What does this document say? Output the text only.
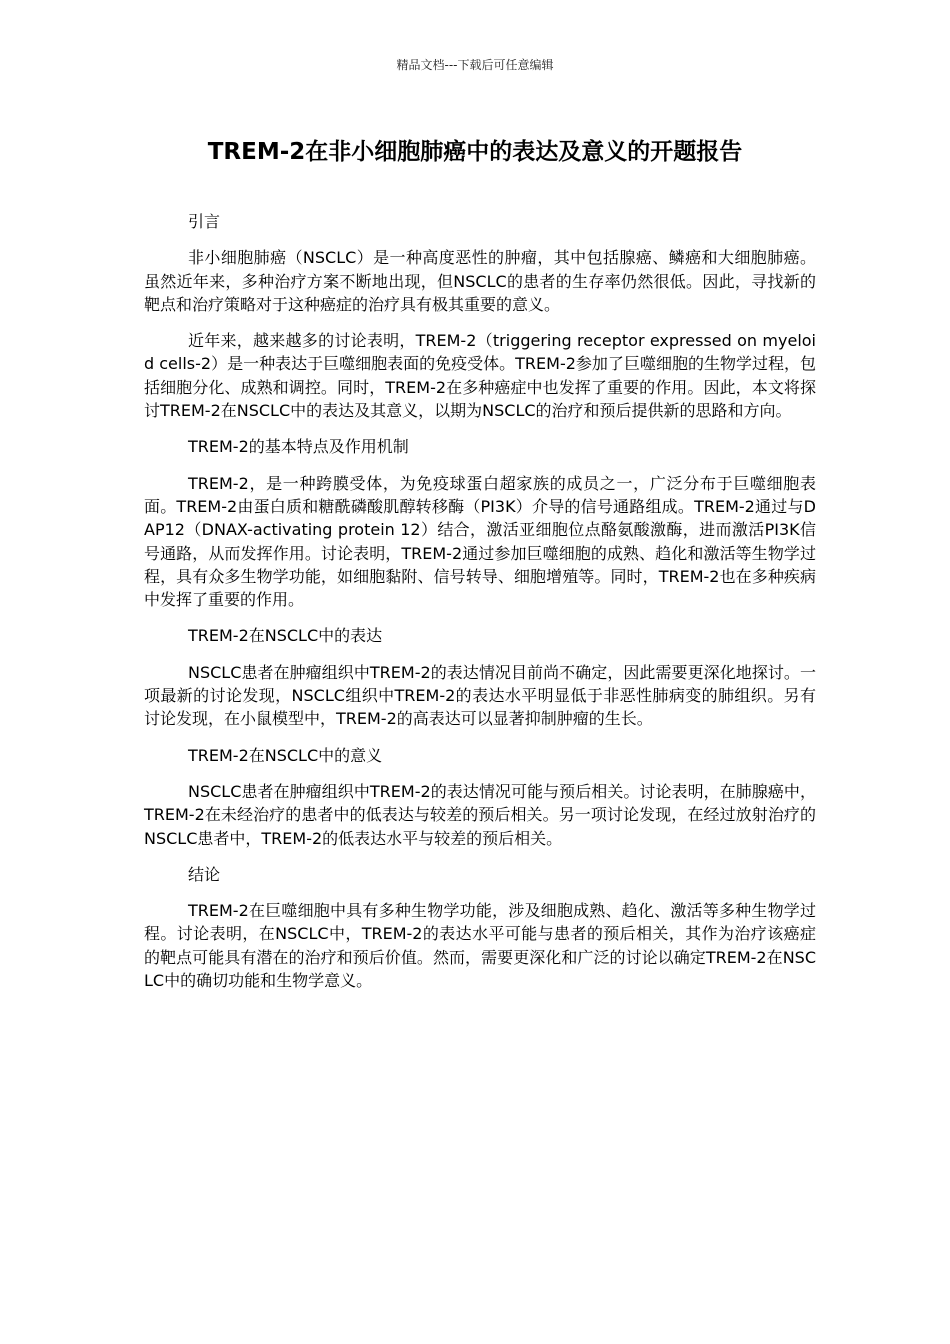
精品文档---下载后可任意编辑
TREM-2在非小细胞肺癌中的表达及意义的开题报告

引言

非小细胞肺癌（NSCLC）是一种高度恶性的肿瘤，其中包括腺癌、鳞癌和大细胞肺癌。虽然近年来，多种治疗方案不断地出现，但NSCLC的患者的生存率仍然很低。因此，寻找新的靶点和治疗策略对于这种癌症的治疗具有极其重要的意义。

近年来，越来越多的讨论表明，TREM-2（triggering receptor expressed on myeloid cells-2）是一种表达于巨噬细胞表面的免疫受体。TREM-2参加了巨噬细胞的生物学过程，包括细胞分化、成熟和调控。同时，TREM-2在多种癌症中也发挥了重要的作用。因此，本文将探讨TREM-2在NSCLC中的表达及其意义，以期为NSCLC的治疗和预后提供新的思路和方向。

TREM-2的基本特点及作用机制

TREM-2，是一种跨膜受体，为免疫球蛋白超家族的成员之一，广泛分布于巨噬细胞表面。TREM-2由蛋白质和糖酰磷酸肌醇转移酶（PI3K）介导的信号通路组成。TREM-2通过与DAP12（DNAX-activating protein 12）结合，激活亚细胞位点酪氨酸激酶，进而激活PI3K信号通路，从而发挥作用。讨论表明，TREM-2通过参加巨噬细胞的成熟、趋化和激活等生物学过程，具有众多生物学功能，如细胞黏附、信号转导、细胞增殖等。同时，TREM-2也在多种疾病中发挥了重要的作用。

TREM-2在NSCLC中的表达

NSCLC患者在肿瘤组织中TREM-2的表达情况目前尚不确定，因此需要更深化地探讨。一项最新的讨论发现，NSCLC组织中TREM-2的表达水平明显低于非恶性肺病变的肺组织。另有讨论发现，在小鼠模型中，TREM-2的高表达可以显著抑制肿瘤的生长。

TREM-2在NSCLC中的意义

NSCLC患者在肿瘤组织中TREM-2的表达情况可能与预后相关。讨论表明，在肺腺癌中，TREM-2在未经治疗的患者中的低表达与较差的预后相关。另一项讨论发现，在经过放射治疗的NSCLC患者中，TREM-2的低表达水平与较差的预后相关。

结论

TREM-2在巨噬细胞中具有多种生物学功能，涉及细胞成熟、趋化、激活等多种生物学过程。讨论表明，在NSCLC中，TREM-2的表达水平可能与患者的预后相关，其作为治疗该癌症的靶点可能具有潜在的治疗和预后价值。然而，需要更深化和广泛的讨论以确定TREM-2在NSCLC中的确切功能和生物学意义。
